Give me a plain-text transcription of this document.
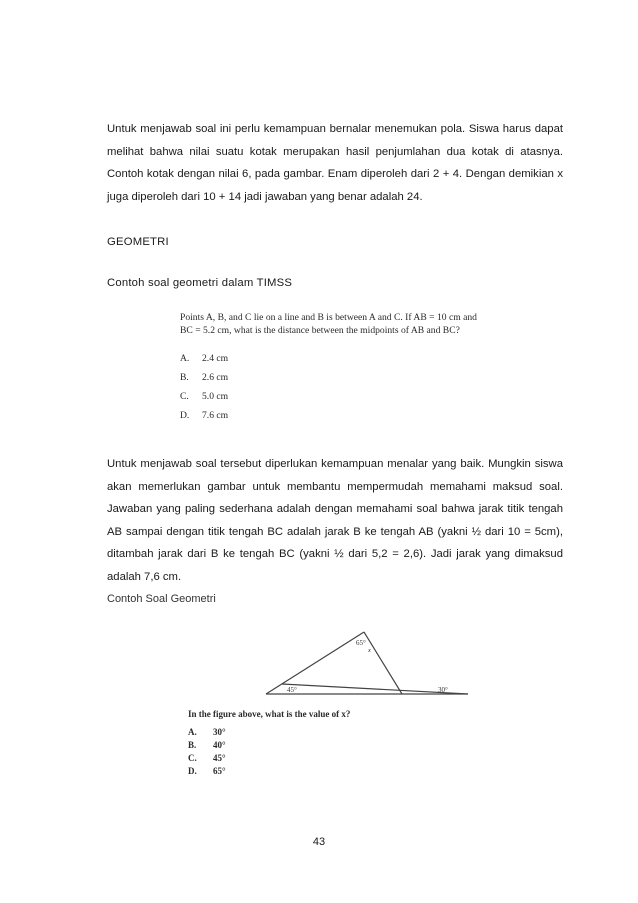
Untuk menjawab soal ini perlu kemampuan bernalar menemukan pola. Siswa harus dapat
melihat bahwa nilai suatu kotak merupakan hasil penjumlahan dua kotak di atasnya.
Contoh kotak dengan nilai 6, pada gambar. Enam diperoleh dari 2 + 4. Dengan demikian x
juga diperoleh dari 10 + 14 jadi jawaban yang benar adalah 24.

GEOMETRI

Contoh soal geometri dalam TIMSS

Points A, B, and C lie on a line and B is between A and C. If AB = 10 cm and
BC = 5.2 cm, what is the distance between the midpoints of AB and BC?

A.	2.4 cm
B.	2.6 cm
C.	5.0 cm
D.	7.6 cm
Untuk menjawab soal tersebut diperlukan kemampuan menalar yang baik. Mungkin siswa
akan memerlukan gambar untuk membantu mempermudah memahami maksud soal.
Jawaban yang paling sederhana adalah dengan memahami soal bahwa jarak titik tengah
AB sampai dengan titik tengah BC adalah jarak B ke tengah AB (yakni ½ dari 10 = 5cm),
ditambah jarak dari B ke tengah BC (yakni ½ dari 5,2 = 2,6). Jadi jarak yang dimaksud
adalah 7,6 cm.

Contoh Soal Geometri

65°
x
45°	30°

In the figure above, what is the value of x?

A.	30°
B.	40°
C.	45°
D.	65°

43
